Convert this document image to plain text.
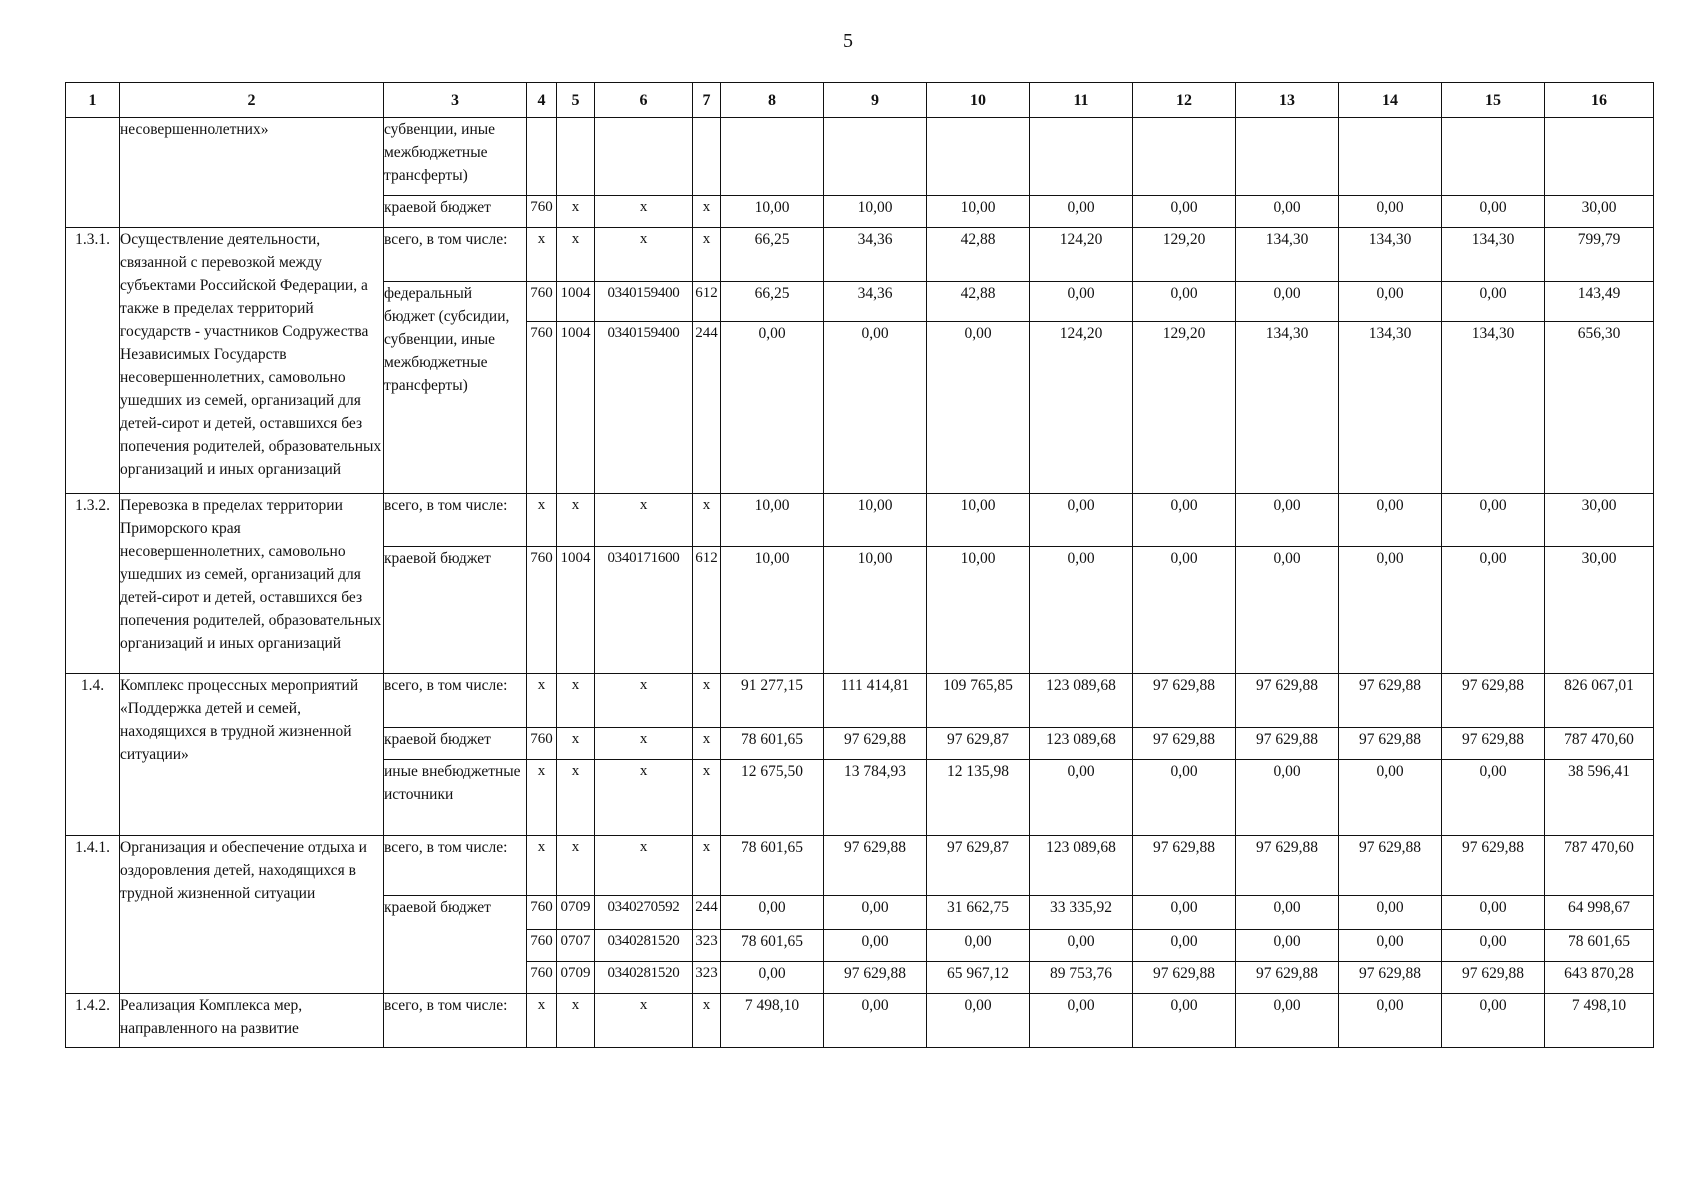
5
1	2	3	4	5	6	7	8	9	10	11	12	13	14	15	16
	несовершеннолетних»	субвенции, иные межбюджетные трансферты)													
		краевой бюджет	760	х	х	х	10,00	10,00	10,00	0,00	0,00	0,00	0,00	0,00	30,00
1.3.1.	Осуществление деятельности, связанной с перевозкой между субъектами Российской Федерации, а также в пределах территорий государств - участников Содружества Независимых Государств несовершеннолетних, самовольно ушедших из семей, организаций для детей-сирот и детей, оставшихся без попечения родителей, образовательных организаций и иных организаций	всего, в том числе:	х	х	х	х	66,25	34,36	42,88	124,20	129,20	134,30	134,30	134,30	799,79
		федеральный бюджет (субсидии, субвенции, иные межбюджетные трансферты)	760	1004	0340159400	612	66,25	34,36	42,88	0,00	0,00	0,00	0,00	0,00	143,49
			760	1004	0340159400	244	0,00	0,00	0,00	124,20	129,20	134,30	134,30	134,30	656,30
1.3.2.	Перевозка в пределах территории Приморского края несовершеннолетних, самовольно ушедших из семей, организаций для детей-сирот и детей, оставшихся без попечения родителей, образовательных организаций и иных организаций	всего, в том числе:	х	х	х	х	10,00	10,00	10,00	0,00	0,00	0,00	0,00	0,00	30,00
		краевой бюджет	760	1004	0340171600	612	10,00	10,00	10,00	0,00	0,00	0,00	0,00	0,00	30,00
1.4.	Комплекс процессных мероприятий «Поддержка детей и семей, находящихся в трудной жизненной ситуации»	всего, в том числе:	х	х	х	х	91 277,15	111 414,81	109 765,85	123 089,68	97 629,88	97 629,88	97 629,88	97 629,88	826 067,01
		краевой бюджет	760	х	х	х	78 601,65	97 629,88	97 629,87	123 089,68	97 629,88	97 629,88	97 629,88	97 629,88	787 470,60
		иные внебюджетные источники	х	х	х	х	12 675,50	13 784,93	12 135,98	0,00	0,00	0,00	0,00	0,00	38 596,41
1.4.1.	Организация и обеспечение отдыха и оздоровления детей, находящихся в трудной жизненной ситуации	всего, в том числе:	х	х	х	х	78 601,65	97 629,88	97 629,87	123 089,68	97 629,88	97 629,88	97 629,88	97 629,88	787 470,60
		краевой бюджет	760	0709	0340270592	244	0,00	0,00	31 662,75	33 335,92	0,00	0,00	0,00	0,00	64 998,67
			760	0707	0340281520	323	78 601,65	0,00	0,00	0,00	0,00	0,00	0,00	0,00	78 601,65
			760	0709	0340281520	323	0,00	97 629,88	65 967,12	89 753,76	97 629,88	97 629,88	97 629,88	97 629,88	643 870,28
1.4.2.	Реализация Комплекса мер, направленного на развитие	всего, в том числе:	х	х	х	х	7 498,10	0,00	0,00	0,00	0,00	0,00	0,00	0,00	7 498,10
